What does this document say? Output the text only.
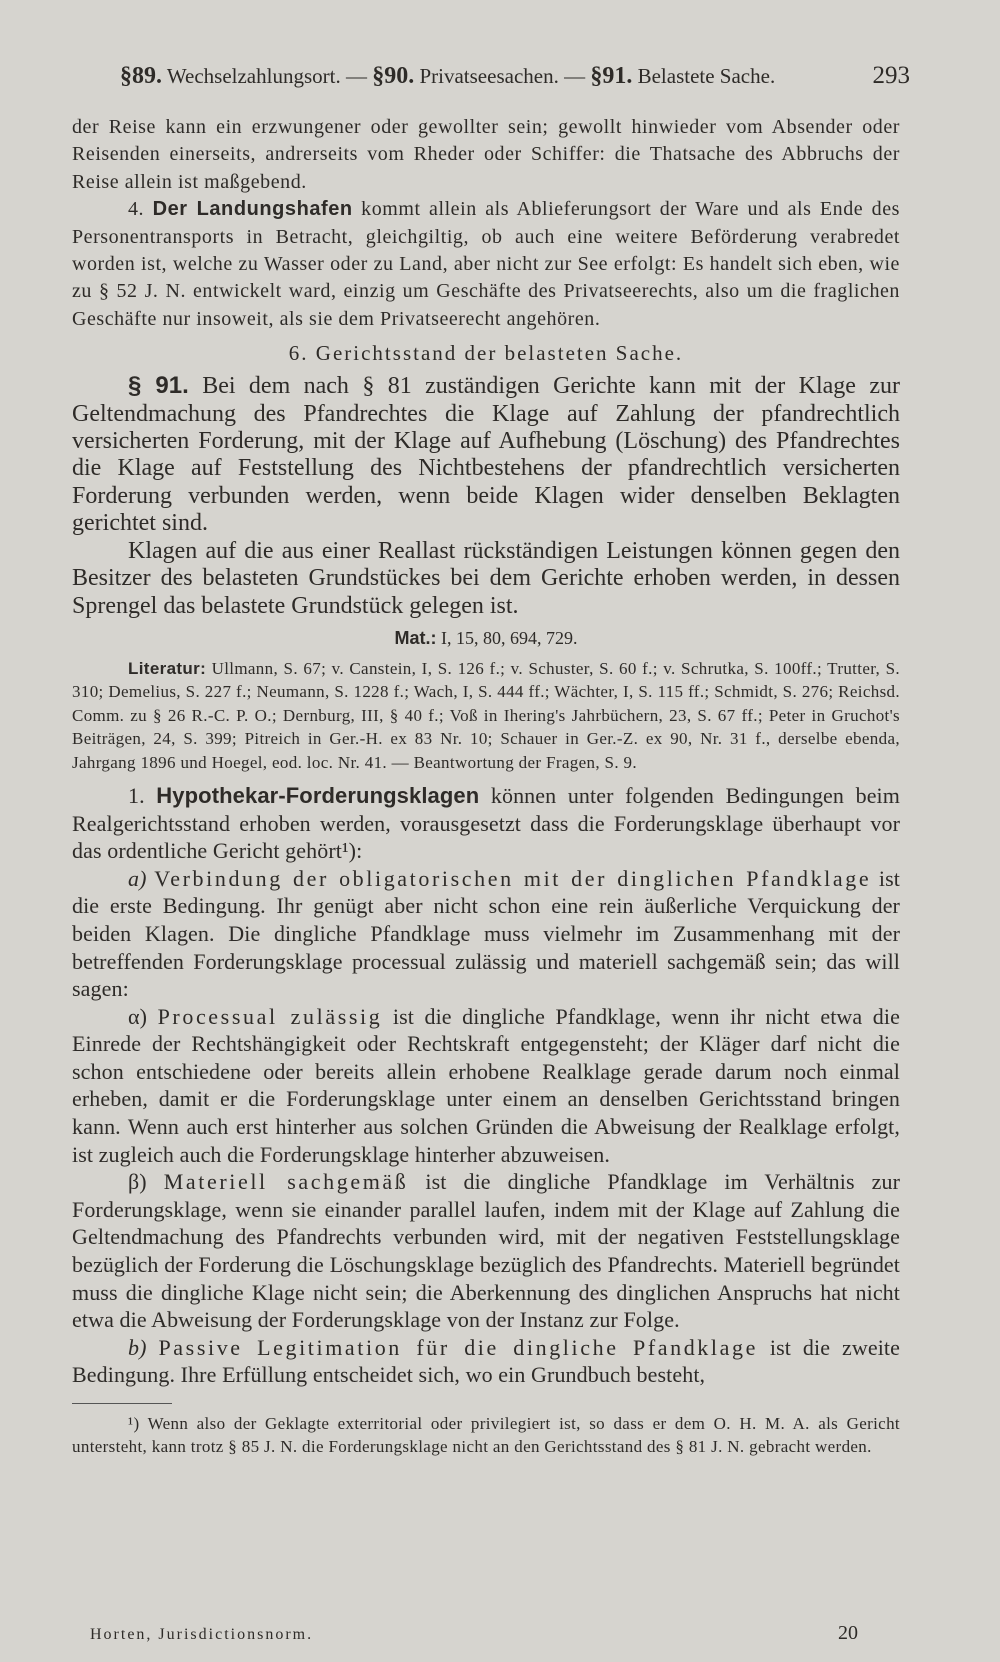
§89. Wechselzahlungsort. — §90. Privatseesachen. — §91. Belastete Sache.	293

der Reise kann ein erzwungener oder gewollter sein; gewollt hinwieder vom Absender oder Reisenden einerseits, andrerseits vom Rheder oder Schiffer: die Thatsache des Abbruchs der Reise allein ist maßgebend.

4. Der Landungshafen kommt allein als Ablieferungsort der Ware und als Ende des Personentransports in Betracht, gleichgiltig, ob auch eine weitere Beförderung verabredet worden ist, welche zu Wasser oder zu Land, aber nicht zur See erfolgt: Es handelt sich eben, wie zu § 52 J. N. entwickelt ward, einzig um Geschäfte des Privatseerechts, also um die fraglichen Geschäfte nur insoweit, als sie dem Privatseerecht angehören.

6. Gerichtsstand der belasteten Sache.

§ 91. Bei dem nach § 81 zuständigen Gerichte kann mit der Klage zur Geltendmachung des Pfandrechtes die Klage auf Zahlung der pfandrechtlich versicherten Forderung, mit der Klage auf Aufhebung (Löschung) des Pfandrechtes die Klage auf Feststellung des Nichtbestehens der pfandrechtlich versicherten Forderung verbunden werden, wenn beide Klagen wider denselben Beklagten gerichtet sind.

Klagen auf die aus einer Reallast rückständigen Leistungen können gegen den Besitzer des belasteten Grundstückes bei dem Gerichte erhoben werden, in dessen Sprengel das belastete Grundstück gelegen ist.

Mat.: I, 15, 80, 694, 729.

Literatur: Ullmann, S. 67; v. Canstein, I, S. 126 f.; v. Schuster, S. 60 f.; v. Schrutka, S. 100ff.; Trutter, S. 310; Demelius, S. 227 f.; Neumann, S. 1228 f.; Wach, I, S. 444 ff.; Wächter, I, S. 115 ff.; Schmidt, S. 276; Reichsd. Comm. zu § 26 R.-C. P. O.; Dernburg, III, § 40 f.; Voß in Ihering's Jahrbüchern, 23, S. 67 ff.; Peter in Gruchot's Beiträgen, 24, S. 399; Pitreich in Ger.-H. ex 83 Nr. 10; Schauer in Ger.-Z. ex 90, Nr. 31 f., derselbe ebenda, Jahrgang 1896 und Hoegel, eod. loc. Nr. 41. — Beantwortung der Fragen, S. 9.

1. Hypothekar-Forderungsklagen können unter folgenden Bedingungen beim Realgerichtsstand erhoben werden, vorausgesetzt dass die Forderungsklage überhaupt vor das ordentliche Gericht gehört¹):

a) Verbindung der obligatorischen mit der dinglichen Pfandklage ist die erste Bedingung. Ihr genügt aber nicht schon eine rein äußerliche Verquickung der beiden Klagen. Die dingliche Pfandklage muss vielmehr im Zusammenhang mit der betreffenden Forderungsklage processual zulässig und materiell sachgemäß sein; das will sagen:

α) Processual zulässig ist die dingliche Pfandklage, wenn ihr nicht etwa die Einrede der Rechtshängigkeit oder Rechtskraft entgegensteht; der Kläger darf nicht die schon entschiedene oder bereits allein erhobene Realklage gerade darum noch einmal erheben, damit er die Forderungsklage unter einem an denselben Gerichtsstand bringen kann. Wenn auch erst hinterher aus solchen Gründen die Abweisung der Realklage erfolgt, ist zugleich auch die Forderungsklage hinterher abzuweisen.

β) Materiell sachgemäß ist die dingliche Pfandklage im Verhältnis zur Forderungsklage, wenn sie einander parallel laufen, indem mit der Klage auf Zahlung die Geltendmachung des Pfandrechts verbunden wird, mit der negativen Feststellungsklage bezüglich der Forderung die Löschungsklage bezüglich des Pfandrechts. Materiell begründet muss die dingliche Klage nicht sein; die Aberkennung des dinglichen Anspruchs hat nicht etwa die Abweisung der Forderungsklage von der Instanz zur Folge.

b) Passive Legitimation für die dingliche Pfandklage ist die zweite Bedingung. Ihre Erfüllung entscheidet sich, wo ein Grundbuch besteht,

¹) Wenn also der Geklagte exterritorial oder privilegiert ist, so dass er dem O. H. M. A. als Gericht untersteht, kann trotz § 85 J. N. die Forderungsklage nicht an den Gerichtsstand des § 81 J. N. gebracht werden.

Horten, Jurisdictionsnorm.	20
